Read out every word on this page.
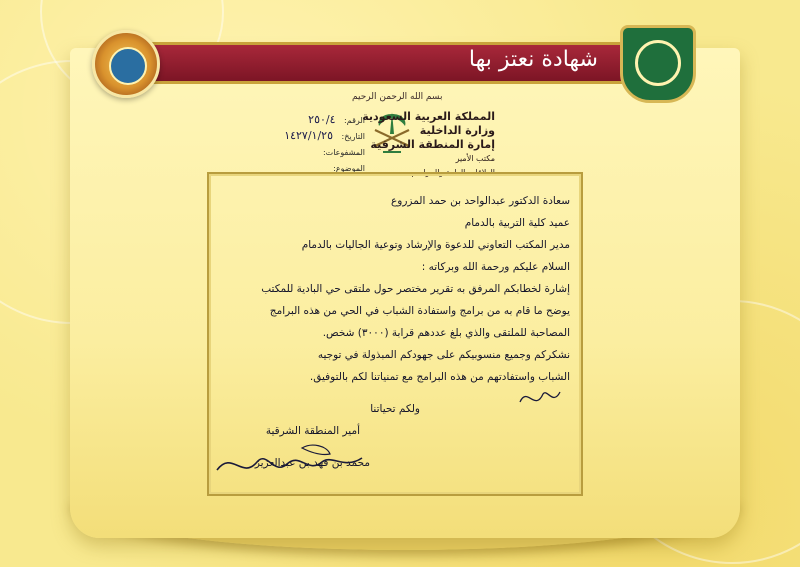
شهادة نعتز بها
بسم الله الرحمن الرحيم
المملكة العربية السعودية
وزارة الداخلية
إمارة المنطقة الشرقية
مكتب الأمير
العلاقات العامة والمراسم
الرقم: ٢٥٠/٤
التاريخ: ١٤٢٧/١/٢٥
المشفوعات:
الموضوع:

سعادة الدكتور عبدالواحد بن حمد المزروع

عميد كلية التربية بالدمام

مدير المكتب التعاوني للدعوة والإرشاد وتوعية الجاليات بالدمام

السلام عليكم ورحمة الله وبركاته :

إشارة لخطابكم المرفق به تقرير مختصر حول ملتقى حي البادية للمكتب

يوضح ما قام به من برامج واستفادة الشباب في الحي من هذه البرامج

المصاحبة للملتقى والذي بلغ عددهم قرابة (٣٠٠٠) شخص.

نشكركم وجميع منسوبيكم على جهودكم المبذولة في توجيه

الشباب واستفادتهم من هذه البرامج مع تمنياتنا لكم بالتوفيق.

ولكم تحياتنا

أمير المنطقة الشرقية

محمد بن فهد بن عبدالعزيز
